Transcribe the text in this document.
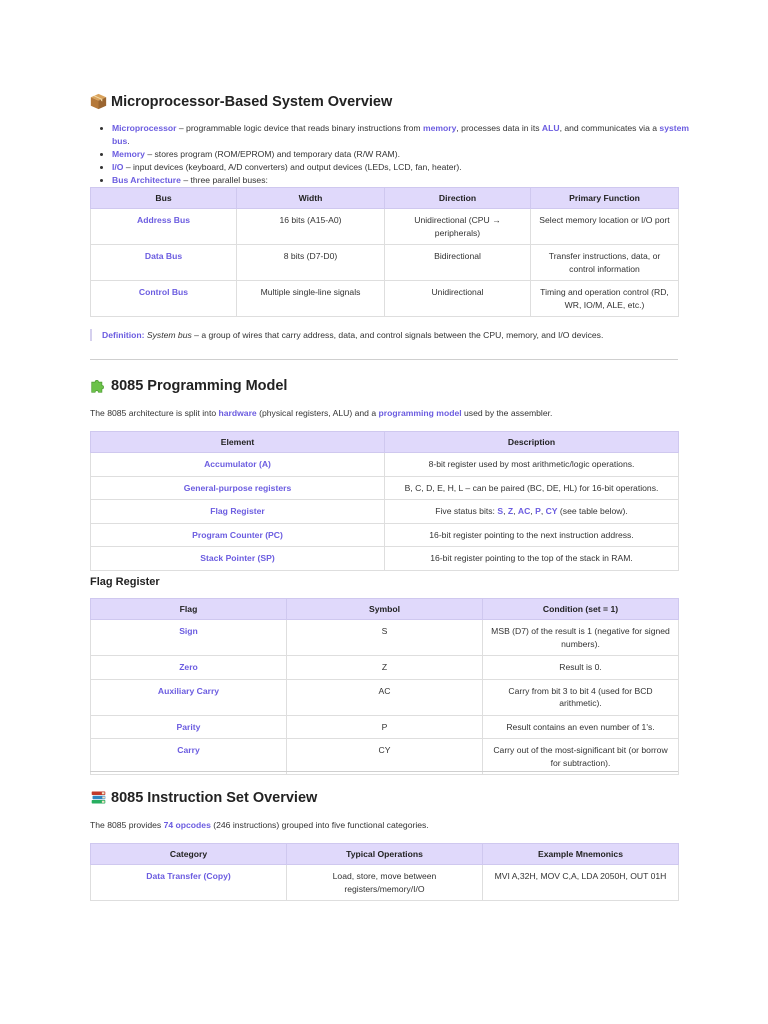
Microprocessor-Based System Overview
• Microprocessor – programmable logic device that reads binary instructions from memory, processes data in its ALU, and communicates via a system bus.
• Memory – stores program (ROM/EPROM) and temporary data (R/W RAM).
• I/O – input devices (keyboard, A/D converters) and output devices (LEDs, LCD, fan, heater).
• Bus Architecture – three parallel buses:
Bus	Width	Direction	Primary Function
Address Bus	16 bits (A15-A0)	Unidirectional (CPU → peripherals)	Select memory location or I/O port
Data Bus	8 bits (D7-D0)	Bidirectional	Transfer instructions, data, or control information
Control Bus	Multiple single-line signals	Unidirectional	Timing and operation control (RD, WR, IO/M, ALE, etc.)
Definition: System bus – a group of wires that carry address, data, and control signals between the CPU, memory, and I/O devices.
8085 Programming Model

The 8085 architecture is split into hardware (physical registers, ALU) and a programming model used by the assembler.

Element	Description
Accumulator (A)	8-bit register used by most arithmetic/logic operations.
General-purpose registers	B, C, D, E, H, L – can be paired (BC, DE, HL) for 16-bit operations.
Flag Register	Five status bits: S, Z, AC, P, CY (see table below).
Program Counter (PC)	16-bit register pointing to the next instruction address.
Stack Pointer (SP)	16-bit register pointing to the top of the stack in RAM.
Flag Register
Flag	Symbol	Condition (set = 1)
Sign	S	MSB (D7) of the result is 1 (negative for signed numbers).
Zero	Z	Result is 0.
Auxiliary Carry	AC	Carry from bit 3 to bit 4 (used for BCD arithmetic).
Parity	P	Result contains an even number of 1's.
Carry	CY	Carry out of the most-significant bit (or borrow for subtraction).
8085 Instruction Set Overview

The 8085 provides 74 opcodes (246 instructions) grouped into five functional categories.

Category	Typical Operations	Example Mnemonics
Data Transfer (Copy)	Load, store, move between registers/memory/I/O	MVI A,32H, MOV C,A, LDA 2050H, OUT 01H
